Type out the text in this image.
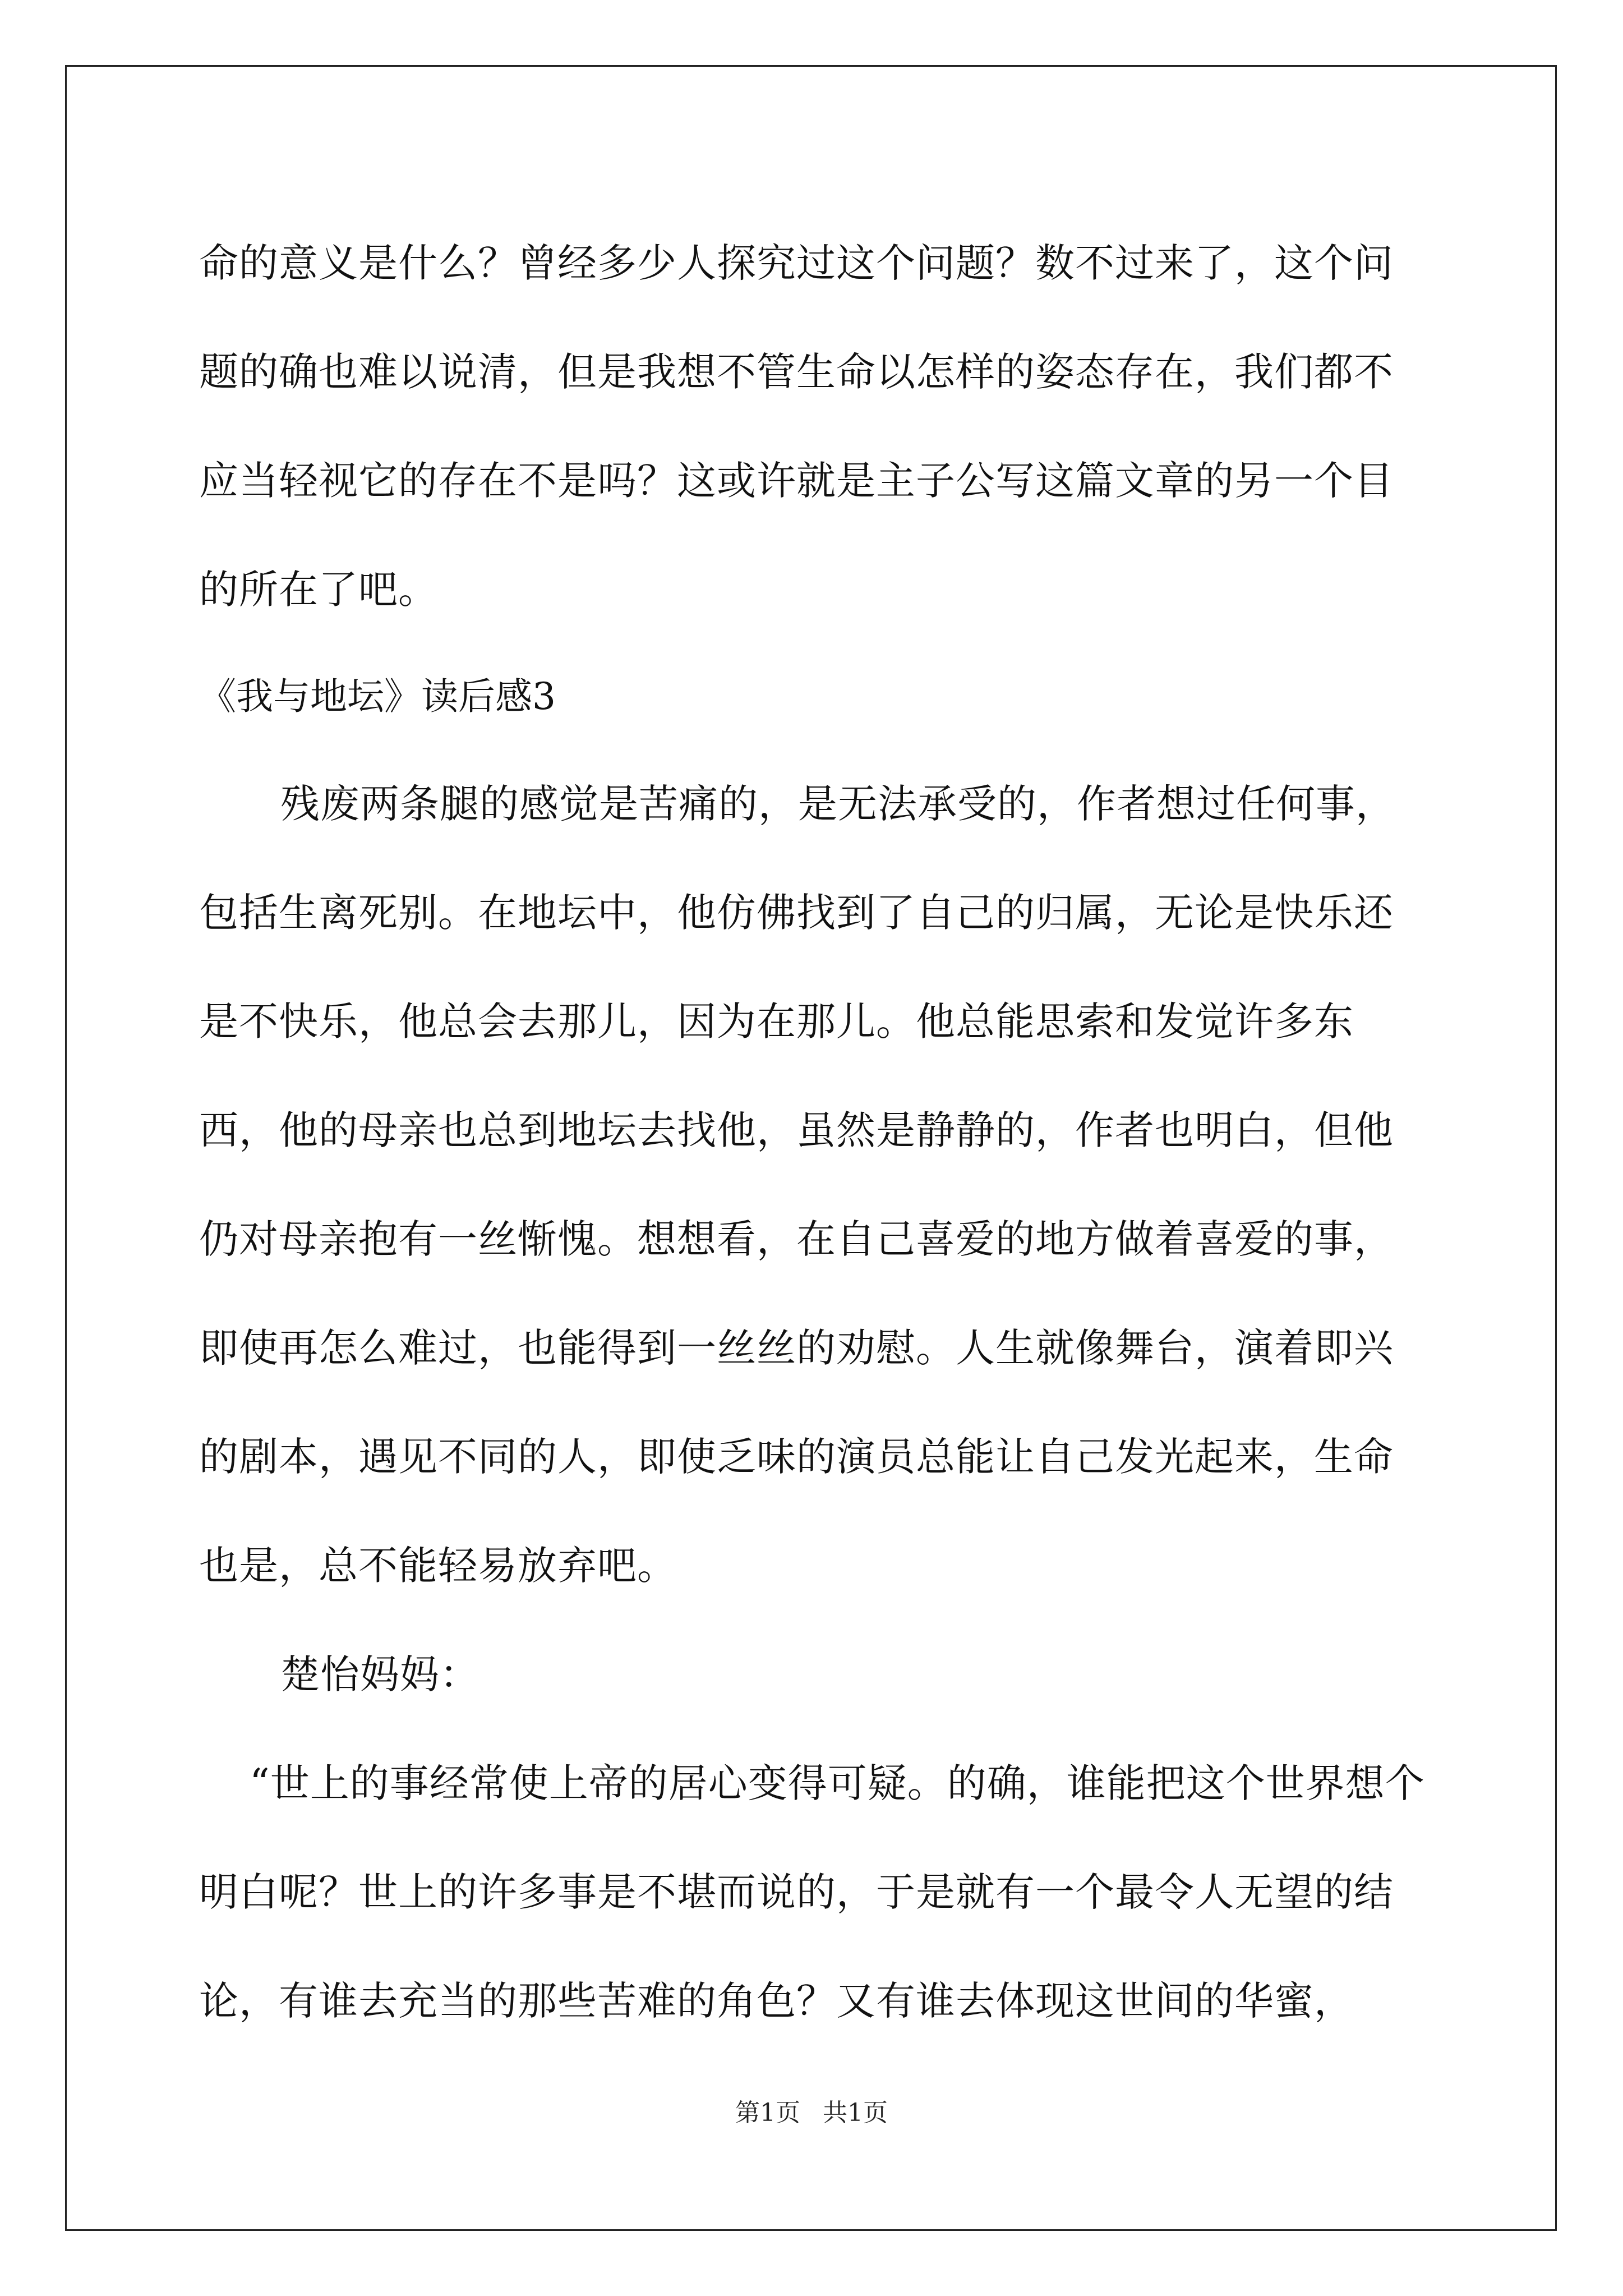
命的意义是什么？曾经多少人探究过这个问题？数不过来了，这个问题的确也难以说清，但是我想不管生命以怎样的姿态存在，我们都不应当轻视它的存在不是吗？这或许就是主子公写这篇文章的另一个目的所在了吧。

《我与地坛》读后感3

残废两条腿的感觉是苦痛的，是无法承受的，作者想过任何事，包括生离死别。在地坛中，他仿佛找到了自己的归属，无论是快乐还是不快乐，他总会去那儿，因为在那儿。他总能思索和发觉许多东西，他的母亲也总到地坛去找他，虽然是静静的，作者也明白，但他仍对母亲抱有一丝惭愧。想想看，在自己喜爱的地方做着喜爱的事，即使再怎么难过，也能得到一丝丝的劝慰。人生就像舞台，演着即兴的剧本，遇见不同的人，即使乏味的演员总能让自己发光起来，生命也是，总不能轻易放弃吧。

楚怡妈妈：

“世上的事经常使上帝的居心变得可疑。的确，谁能把这个世界想个明白呢？世上的许多事是不堪而说的，于是就有一个最令人无望的结论，有谁去充当的那些苦难的角色？又有谁去体现这世间的华蜜，

第1页 共1页
